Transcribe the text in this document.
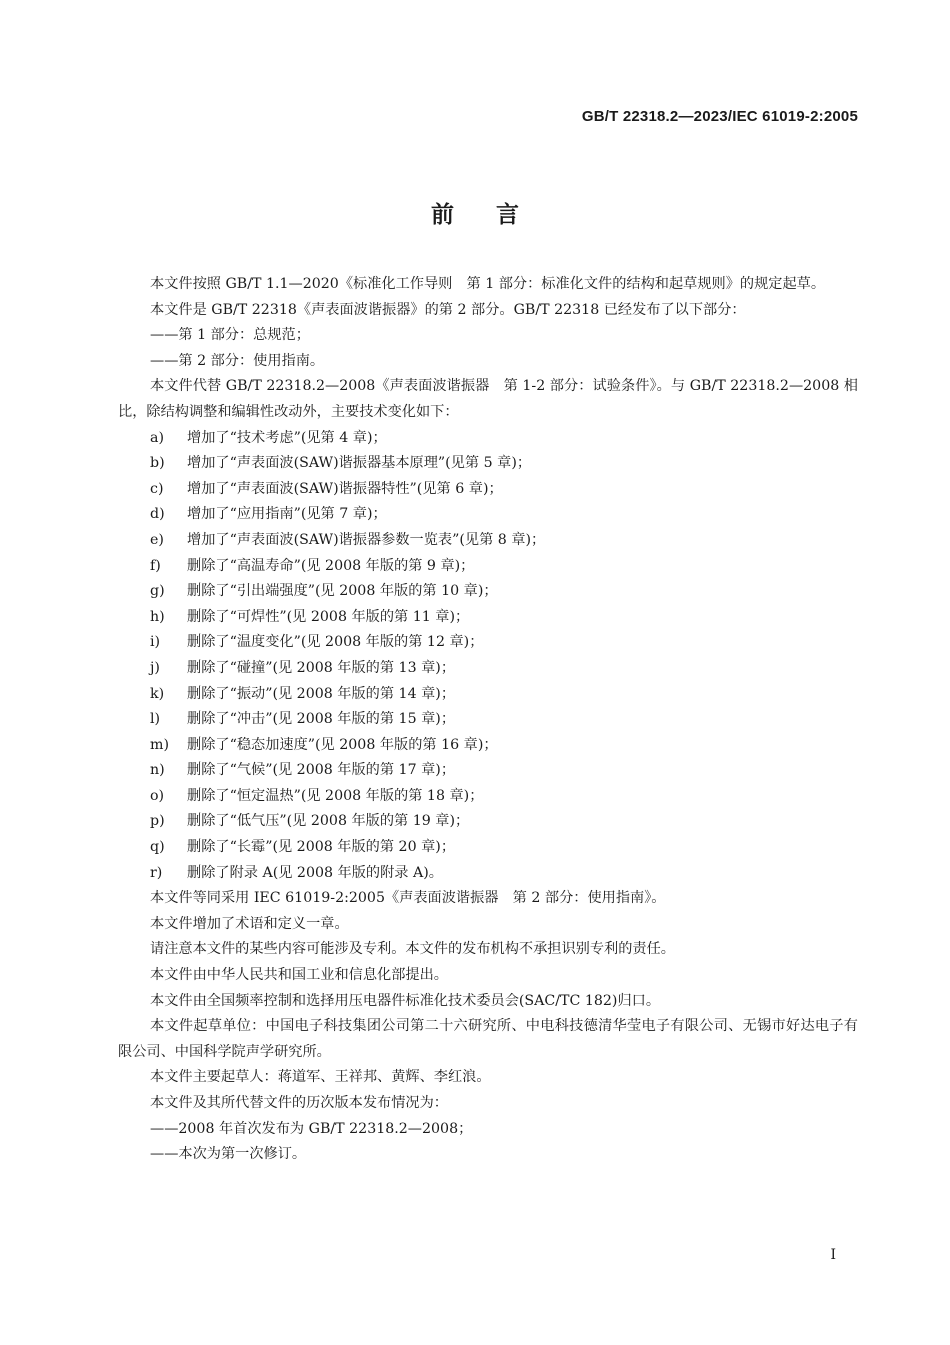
GB/T 22318.2—2023/IEC 61019-2:2005
前言
本文件按照 GB/T 1.1—2020《标准化工作导则　第 1 部分：标准化文件的结构和起草规则》的规定起草。
本文件是 GB/T 22318《声表面波谐振器》的第 2 部分。GB/T 22318 已经发布了以下部分：
——第 1 部分：总规范；
——第 2 部分：使用指南。
本文件代替 GB/T 22318.2—2008《声表面波谐振器　第 1-2 部分：试验条件》。与 GB/T 22318.2—2008 相比，除结构调整和编辑性改动外，主要技术变化如下：
a) 增加了“技术考虑”(见第 4 章)；
b) 增加了“声表面波(SAW)谐振器基本原理”(见第 5 章)；
c) 增加了“声表面波(SAW)谐振器特性”(见第 6 章)；
d) 增加了“应用指南”(见第 7 章)；
e) 增加了“声表面波(SAW)谐振器参数一览表”(见第 8 章)；
f) 删除了“高温寿命”(见 2008 年版的第 9 章)；
g) 删除了“引出端强度”(见 2008 年版的第 10 章)；
h) 删除了“可焊性”(见 2008 年版的第 11 章)；
i) 删除了“温度变化”(见 2008 年版的第 12 章)；
j) 删除了“碰撞”(见 2008 年版的第 13 章)；
k) 删除了“振动”(见 2008 年版的第 14 章)；
l) 删除了“冲击”(见 2008 年版的第 15 章)；
m) 删除了“稳态加速度”(见 2008 年版的第 16 章)；
n) 删除了“气候”(见 2008 年版的第 17 章)；
o) 删除了“恒定温热”(见 2008 年版的第 18 章)；
p) 删除了“低气压”(见 2008 年版的第 19 章)；
q) 删除了“长霉”(见 2008 年版的第 20 章)；
r) 删除了附录 A(见 2008 年版的附录 A)。
本文件等同采用 IEC 61019-2:2005《声表面波谐振器　第 2 部分：使用指南》。
本文件增加了术语和定义一章。
请注意本文件的某些内容可能涉及专利。本文件的发布机构不承担识别专利的责任。
本文件由中华人民共和国工业和信息化部提出。
本文件由全国频率控制和选择用压电器件标准化技术委员会(SAC/TC 182)归口。
本文件起草单位：中国电子科技集团公司第二十六研究所、中电科技德清华莹电子有限公司、无锡市好达电子有限公司、中国科学院声学研究所。
本文件主要起草人：蒋道军、王祥邦、黄辉、李红浪。
本文件及其所代替文件的历次版本发布情况为：
——2008 年首次发布为 GB/T 22318.2—2008；
——本次为第一次修订。
I
